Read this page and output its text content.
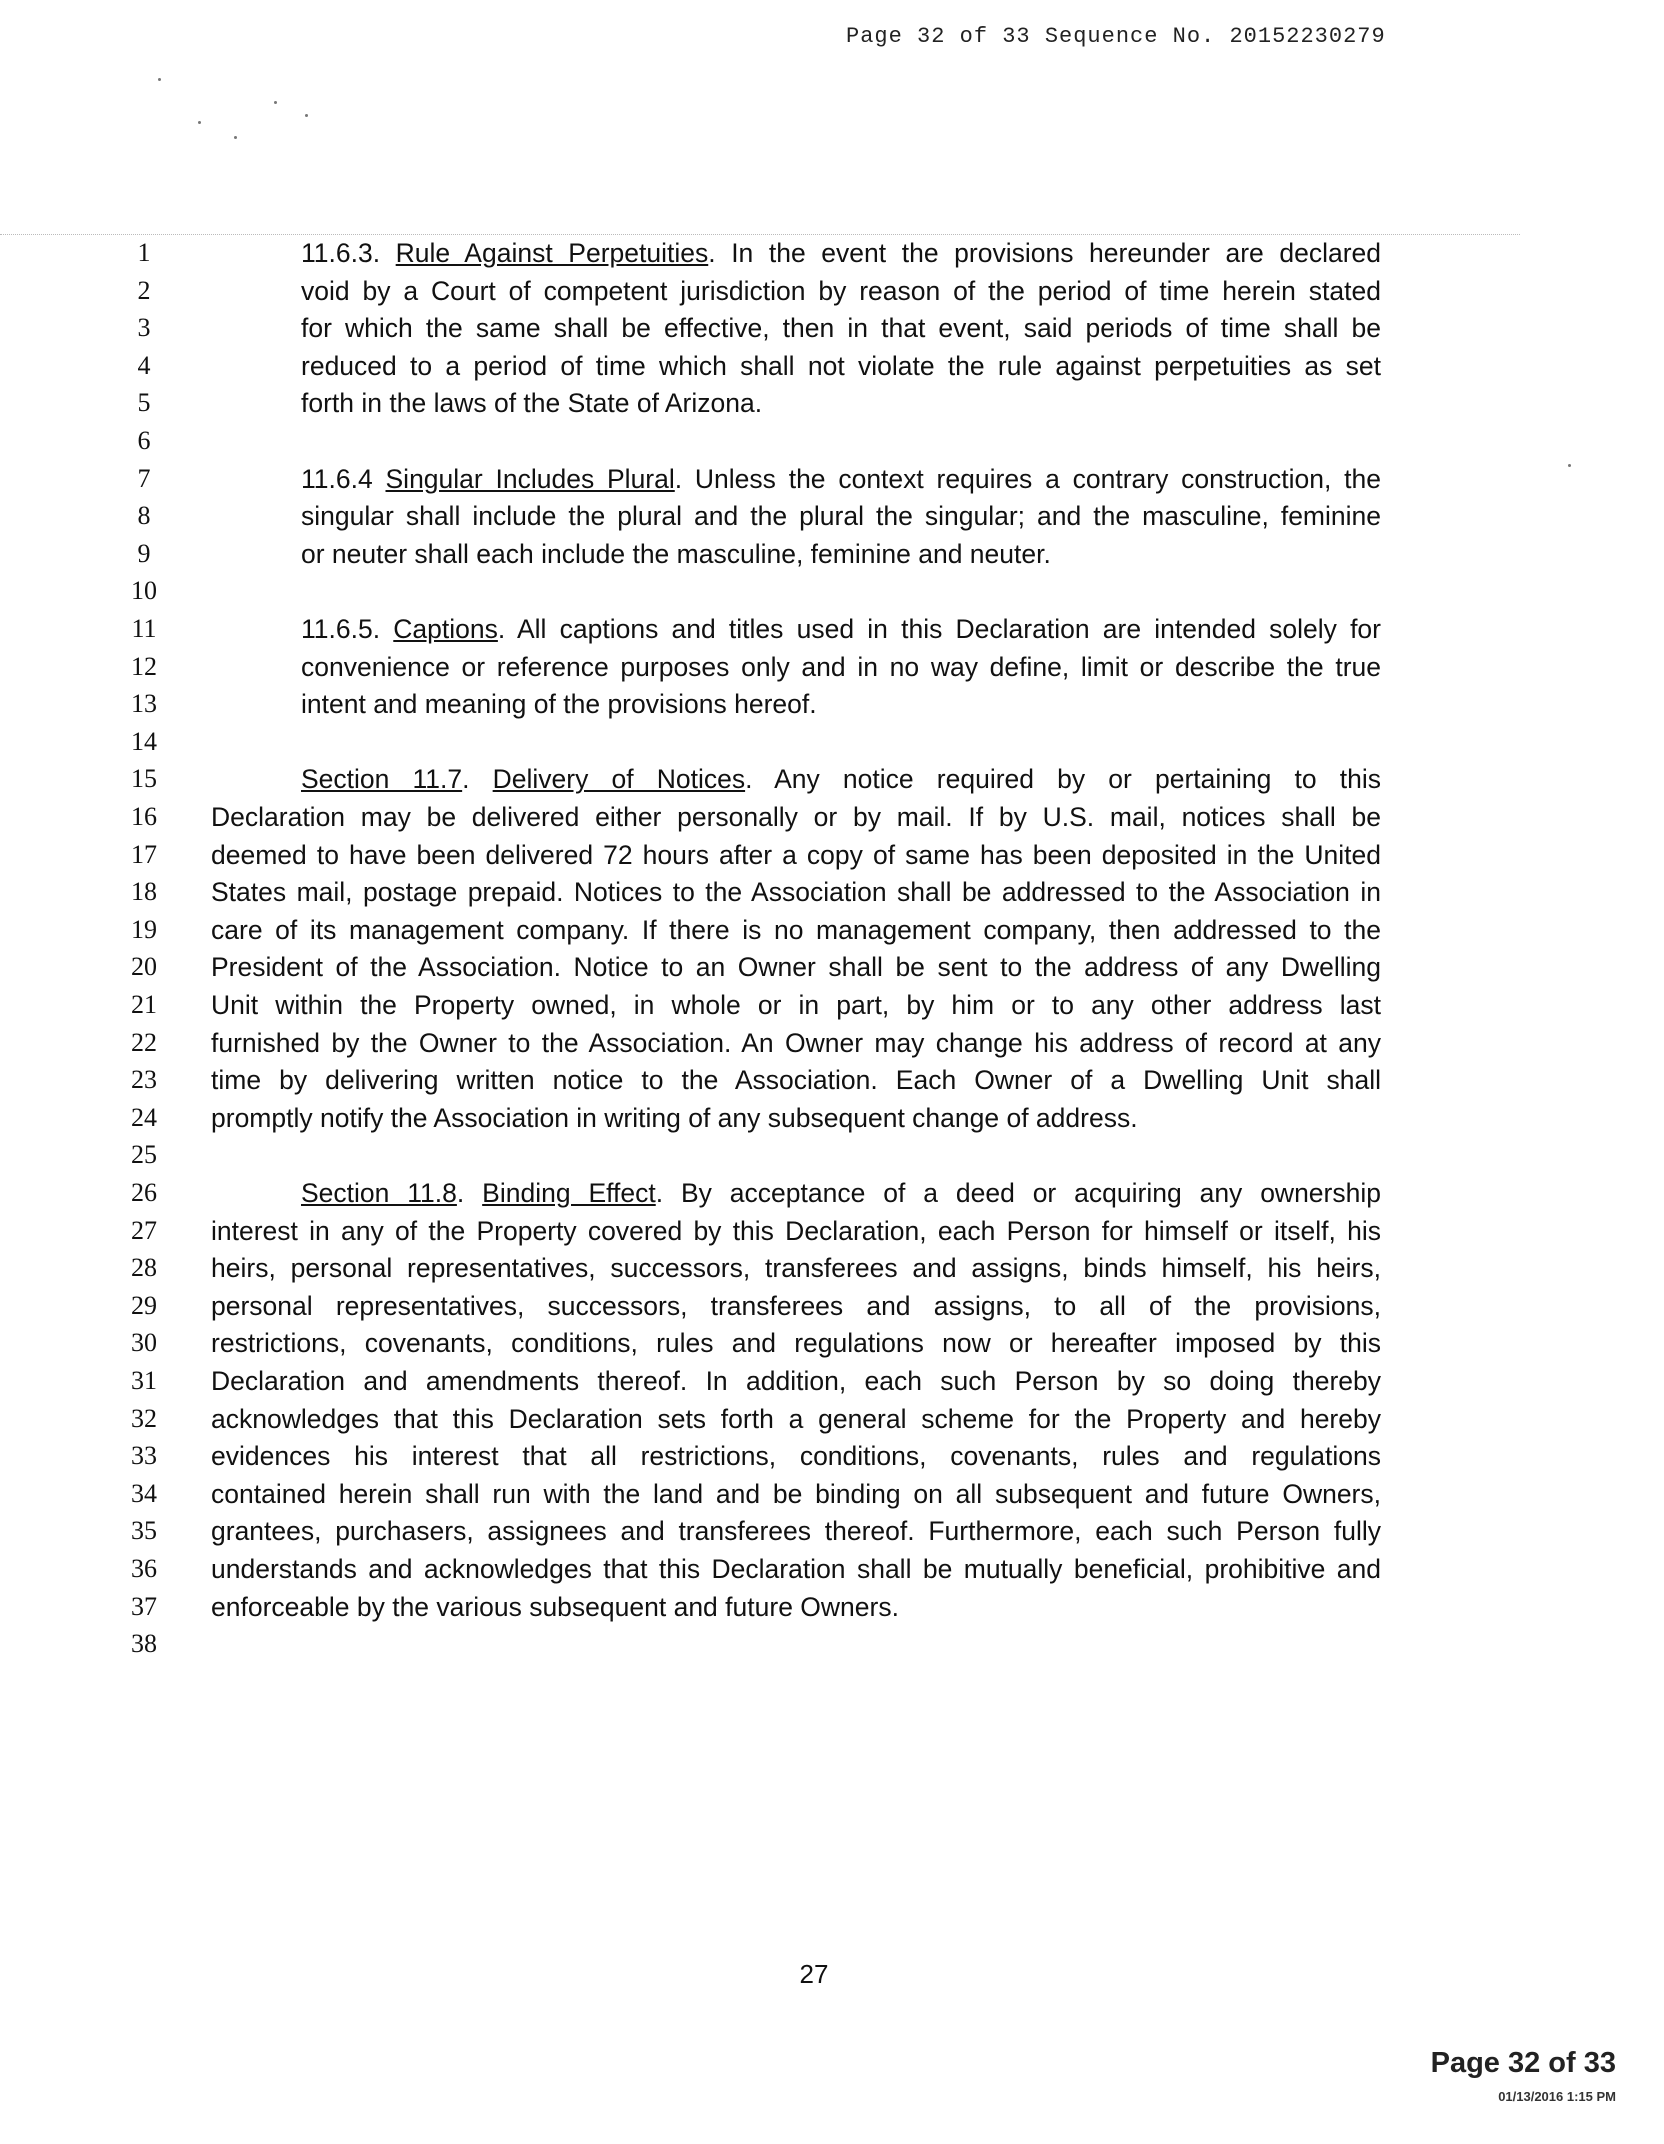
Page 32 of 33 Sequence No. 20152230279
1	11.6.3. Rule Against Perpetuities. In the event the provisions hereunder are declared
2	void by a Court of competent jurisdiction by reason of the period of time herein stated
3	for which the same shall be effective, then in that event, said periods of time shall be
4	reduced to a period of time which shall not violate the rule against perpetuities as set
5	forth in the laws of the State of Arizona.
6
7	11.6.4 Singular Includes Plural. Unless the context requires a contrary construction, the
8	singular shall include the plural and the plural the singular; and the masculine, feminine
9	or neuter shall each include the masculine, feminine and neuter.
10
11	11.6.5. Captions. All captions and titles used in this Declaration are intended solely for
12	convenience or reference purposes only and in no way define, limit or describe the true
13	intent and meaning of the provisions hereof.
14
15	Section 11.7. Delivery of Notices. Any notice required by or pertaining to this
16	Declaration may be delivered either personally or by mail. If by U.S. mail, notices shall be
17	deemed to have been delivered 72 hours after a copy of same has been deposited in the United
18	States mail, postage prepaid. Notices to the Association shall be addressed to the Association in
19	care of its management company. If there is no management company, then addressed to the
20	President of the Association. Notice to an Owner shall be sent to the address of any Dwelling
21	Unit within the Property owned, in whole or in part, by him or to any other address last
22	furnished by the Owner to the Association. An Owner may change his address of record at any
23	time by delivering written notice to the Association. Each Owner of a Dwelling Unit shall
24	promptly notify the Association in writing of any subsequent change of address.
25
26	Section 11.8. Binding Effect. By acceptance of a deed or acquiring any ownership
27	interest in any of the Property covered by this Declaration, each Person for himself or itself, his
28	heirs, personal representatives, successors, transferees and assigns, binds himself, his heirs,
29	personal representatives, successors, transferees and assigns, to all of the provisions,
30	restrictions, covenants, conditions, rules and regulations now or hereafter imposed by this
31	Declaration and amendments thereof. In addition, each such Person by so doing thereby
32	acknowledges that this Declaration sets forth a general scheme for the Property and hereby
33	evidences his interest that all restrictions, conditions, covenants, rules and regulations
34	contained herein shall run with the land and be binding on all subsequent and future Owners,
35	grantees, purchasers, assignees and transferees thereof. Furthermore, each such Person fully
36	understands and acknowledges that this Declaration shall be mutually beneficial, prohibitive and
37	enforceable by the various subsequent and future Owners.
38
27
Page 32 of 33
01/13/2016 1:15 PM
